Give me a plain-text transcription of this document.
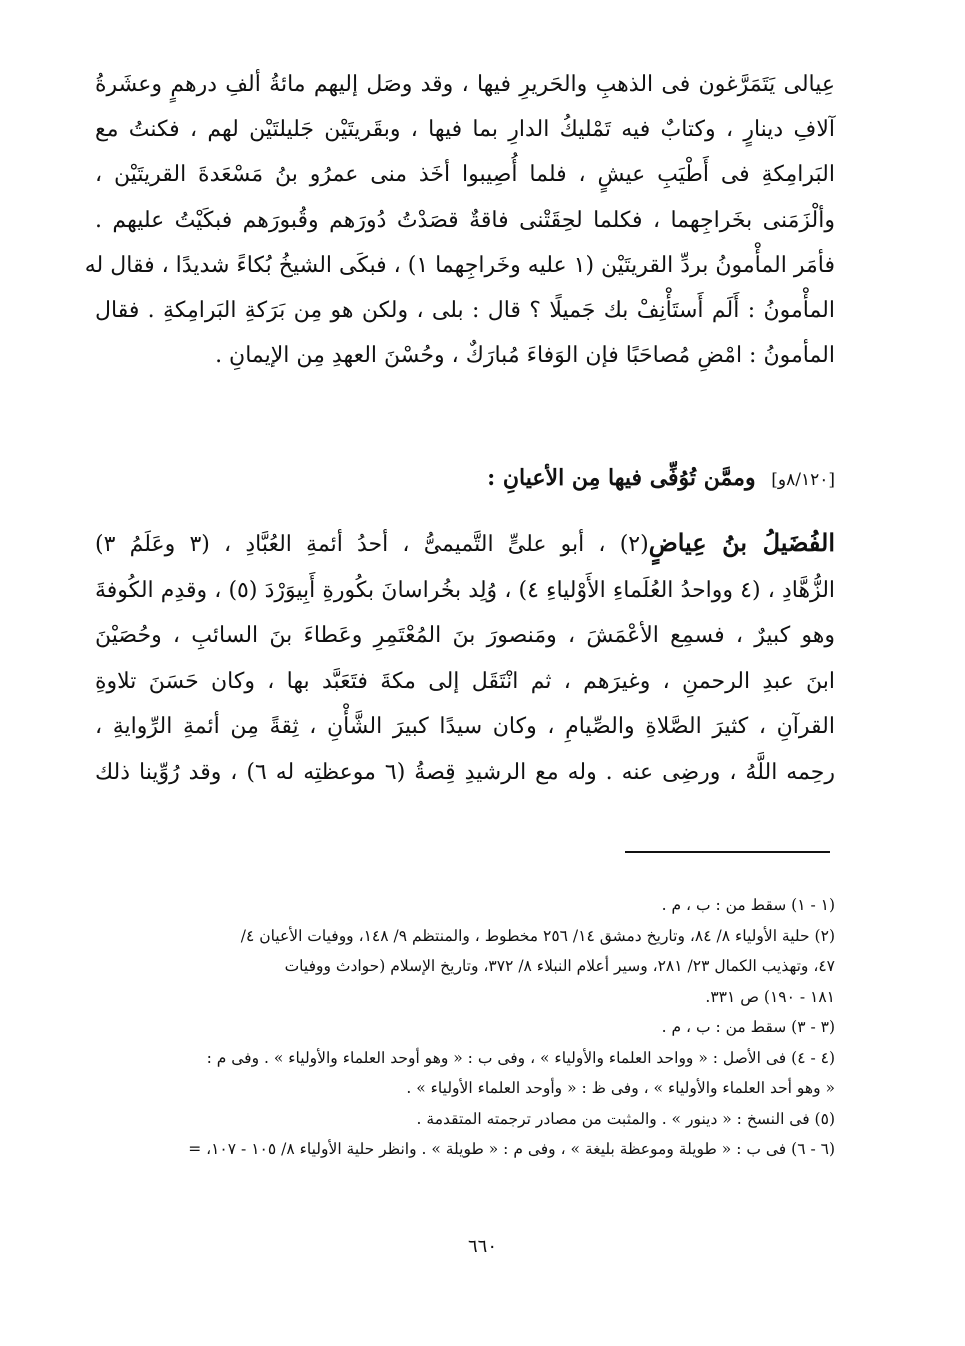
عِيالى يَتَمَرَّغون فى الذهبِ والحَريرِ فيها ، وقد وصَل إليهم مائةُ ألفِ درهمٍ وعشَرةُ
آلافِ دينارٍ ، وكتابٌ فيه تَمْليكُ الدارِ بما فيها ، وبقَريتَيْن جَليلتَيْن لهم ، فكنتُ مع
البَرامِكةِ فى أَطْيَبِ عيشٍ ، فلما أُصِيبوا أخَذ منى عمرُو بنُ مَسْعَدةَ القريتَيْن ،
وألْزَمَنى بخَراجِهما ، فكلما لحِقَتْنى فاقةٌ قصَدْتُ دُورَهم وقُبورَهم فبكَيْتُ عليهم .
فأمَر المأْمونُ بردِّ القريتَيْن (١ عليه وخَراجِهما ١) ، فبكَى الشيخُ بُكاءً شديدًا ، فقال له
المأْمونُ : أَلَم أَستَأْنِفْ بك جَميلًا ؟ قال : بلى ، ولكن هو مِن بَرَكةِ البَرامِكةِ . فقال
المأمونُ : امْضِ مُصاحَبًا فإن الوَفاءَ مُبارَكٌ ، وحُسْنَ العهدِ مِن الإيمانِ .
[٨/١٢٠و] وممَّن تُوُفِّى فيها مِن الأعيانِ :
الفُضَيلُ بنُ عِياضٍ(٢) ، أبو علىٍّ التَّميمىُّ ، أحدُ أئمةِ العُبَّادِ ، (٣ وعَلَمُ ٣)
الزُّهَّادِ ، (٤ وواحدُ العُلَماءِ الأَوْلياءِ ٤) ، وُلِد بخُراسانَ بكُورةِ أَبِيوَرْدَ (٥) ، وقدِم الكُوفةَ
وهو كبيرٌ ، فسمِع الأعْمَشَ ، ومَنصورَ بنَ المُعْتَمِرِ وعَطاءَ بنَ السائبِ ، وحُصَيْنَ
ابنَ عبدِ الرحمنِ ، وغيرَهم ، ثم انْتَقَل إلى مكةَ فتَعَبَّد بها ، وكان حَسَنَ تلاوةِ
القرآنِ ، كثيرَ الصَّلاةِ والصِّيامِ ، وكان سيدًا كبيرَ الشَّأْنِ ، ثِقةً مِن أئمةِ الرِّوايةِ ،
رحِمه اللَّهُ ، ورضِى عنه . وله مع الرشيدِ قِصةُ (٦ موعظتِه له ٦) ، وقد رُوِّينا ذلك
(١ - ١) سقط من : ب ، م .
(٢) حلية الأولياء ٨/ ٨٤، وتاريخ دمشق ١٤/ ٢٥٦ مخطوط ، والمنتظم ٩/ ١٤٨، ووفيات الأعيان ٤/
٤٧، وتهذيب الكمال ٢٣/ ٢٨١، وسير أعلام النبلاء ٨/ ٣٧٢، وتاريخ الإسلام (حوادث ووفيات
١٨١ - ١٩٠) ص ٣٣١.
(٣ - ٣) سقط من : ب ، م .
(٤ - ٤) فى الأصل : « وواحد العلماء والأولياء » ، وفى ب : « وهو أوحد العلماء والأولياء » . وفى م :
« وهو أحد العلماء والأولياء » ، وفى ظ : « وأوحد العلماء الأولياء » .
(٥) فى النسخ : « دينور » . والمثبت من مصادر ترجمته المتقدمة .
(٦ - ٦) فى ب : « طويلة وموعظة بليغة » ، وفى م : « طويلة » . وانظر حلية الأولياء ٨/ ١٠٥ - ١٠٧، =
٦٦٠
